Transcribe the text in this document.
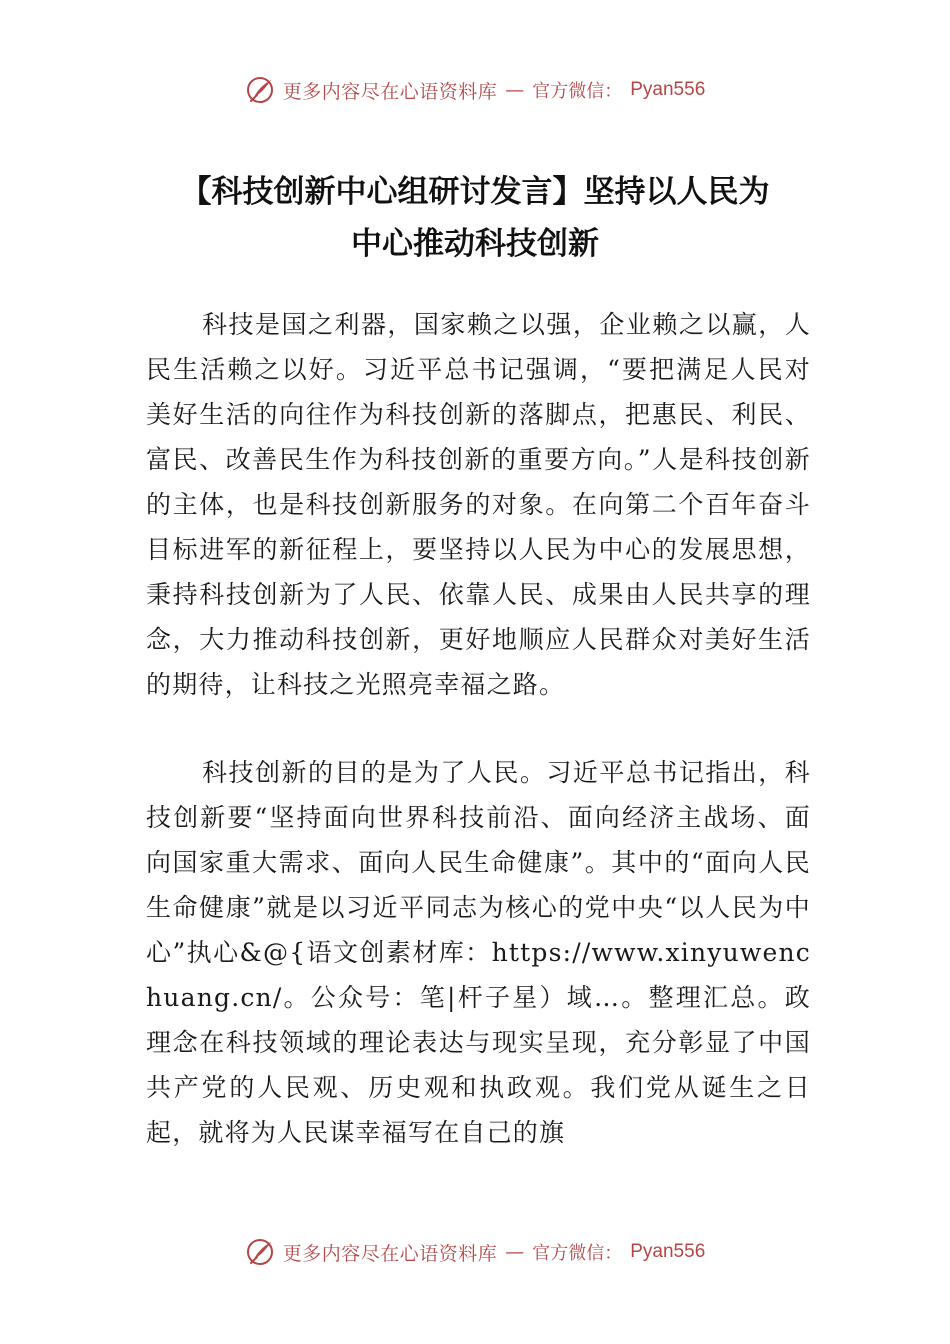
更多内容尽在心语资料库 — 官方微信： Pyan556
【科技创新中心组研讨发言】坚持以人民为
中心推动科技创新

科技是国之利器，国家赖之以强，企业赖之以赢，人民生活赖之以好。习近平总书记强调，“要把满足人民对美好生活的向往作为科技创新的落脚点，把惠民、利民、富民、改善民生作为科技创新的重要方向。”人是科技创新的主体，也是科技创新服务的对象。在向第二个百年奋斗目标进军的新征程上，要坚持以人民为中心的发展思想，秉持科技创新为了人民、依靠人民、成果由人民共享的理念，大力推动科技创新，更好地顺应人民群众对美好生活的期待，让科技之光照亮幸福之路。

科技创新的目的是为了人民。习近平总书记指出，科技创新要“坚持面向世界科技前沿、面向经济主战场、面向国家重大需求、面向人民生命健康”。其中的“面向人民生命健康”就是以习近平同志为核心的党中央“以人民为中心”执心&@{语文创素材库：https://www.xinyuwenchuang.cn/。公众号：笔|杆子星）域…。整理汇总。政理念在科技领域的理论表达与现实呈现，充分彰显了中国共产党的人民观、历史观和执政观。我们党从诞生之日起，就将为人民谋幸福写在自己的旗

更多内容尽在心语资料库 — 官方微信： Pyan556
